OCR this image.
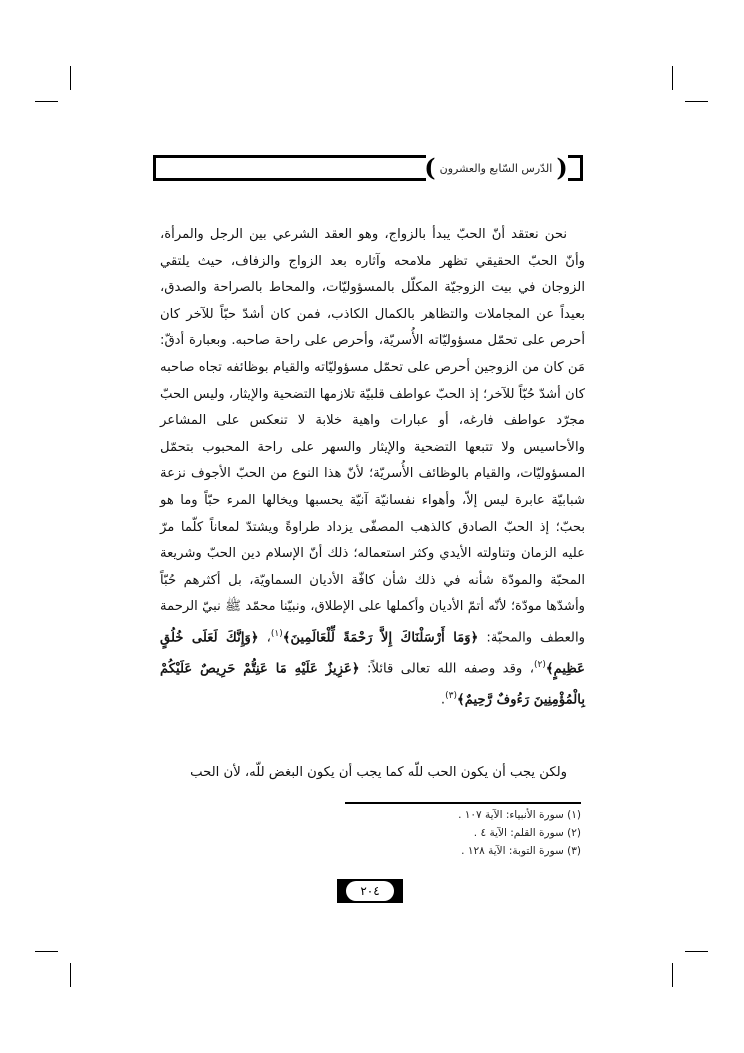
( الدّرس السّابع والعشرون )

نحن نعتقد أنّ الحبّ يبدأ بالزواج، وهو العقد الشرعي بين الرجل والمرأة، وأنّ الحبّ الحقيقي تظهر ملامحه وآثاره بعد الزواج والزفاف، حيث يلتقي الزوجان في بيت الزوجيّة المكلّل بالمسؤوليّات، والمحاط بالصراحة والصدق، بعيداً عن المجاملات والتظاهر بالكمال الكاذب، فمن كان أشدّ حبّاً للآخر كان أحرص على تحمّل مسؤوليّاته الأُسريّة، وأحرص على راحة صاحبه. وبعبارة أدقّ: مَن كان من الزوجين أحرص على تحمّل مسؤوليّاته والقيام بوظائفه تجاه صاحبه كان أشدّ حُبّاً للآخر؛ إذ الحبّ عواطف قلبيّة تلازمها التضحية والإيثار، وليس الحبّ مجرّد عواطف فارغه، أو عبارات واهية خلابة لا تنعكس على المشاعر والأحاسيس ولا تتبعها التضحية والإيثار والسهر على راحة المحبوب بتحمّل المسؤوليّات، والقيام بالوظائف الأُسريّة؛ لأنّ هذا النوع من الحبّ الأجوف نزعة شبابيّة عابرة ليس إلاّ، وأهواء نفسانيّة آنيّة يحسبها ويخالها المرء حبّاً وما هو بحبّ؛ إذ الحبّ الصادق كالذهب المصفّى يزداد طراوةً ويشتدّ لمعاناً كلّما مرّ عليه الزمان وتناولته الأيدي وكثر استعماله؛ ذلك أنّ الإسلام دين الحبّ وشريعة المحبّة والمودّة شأنه في ذلك شأن كافّة الأديان السماويّة، بل أكثرهم حُبّاً وأشدّها مودّة؛ لأنّه أتمّ الأديان وأكملها على الإطلاق، ونبيّنا محمّد ﷺ نبيّ الرحمة والعطف والمحبّة: ﴿وَمَا أَرْسَلْنَاكَ إِلاَّ رَحْمَةً لِّلْعَالَمِينَ﴾$^{(١)}$، ﴿وَإِنَّكَ لَعَلَى خُلُقٍ عَظِيمٍ﴾$^{(٢)}$، وقد وصفه الله تعالى قائلاً: ﴿عَزِيزٌ عَلَيْهِ مَا عَنِتُّمْ حَرِيصٌ عَلَيْكُمْ بِالْمُؤْمِنِينَ رَءُوفٌ رَّحِيمٌ﴾$^{(٣)}$.

ولكن يجب أن يكون الحب للّه كما يجب أن يكون البغض للّه، لأن الحب
(١) سورة الأنبياء: الآية ١٠٧ .
(٢) سورة القلم: الآية ٤ .
(٣) سورة التوبة: الآية ١٢٨ .
٢٠٤
